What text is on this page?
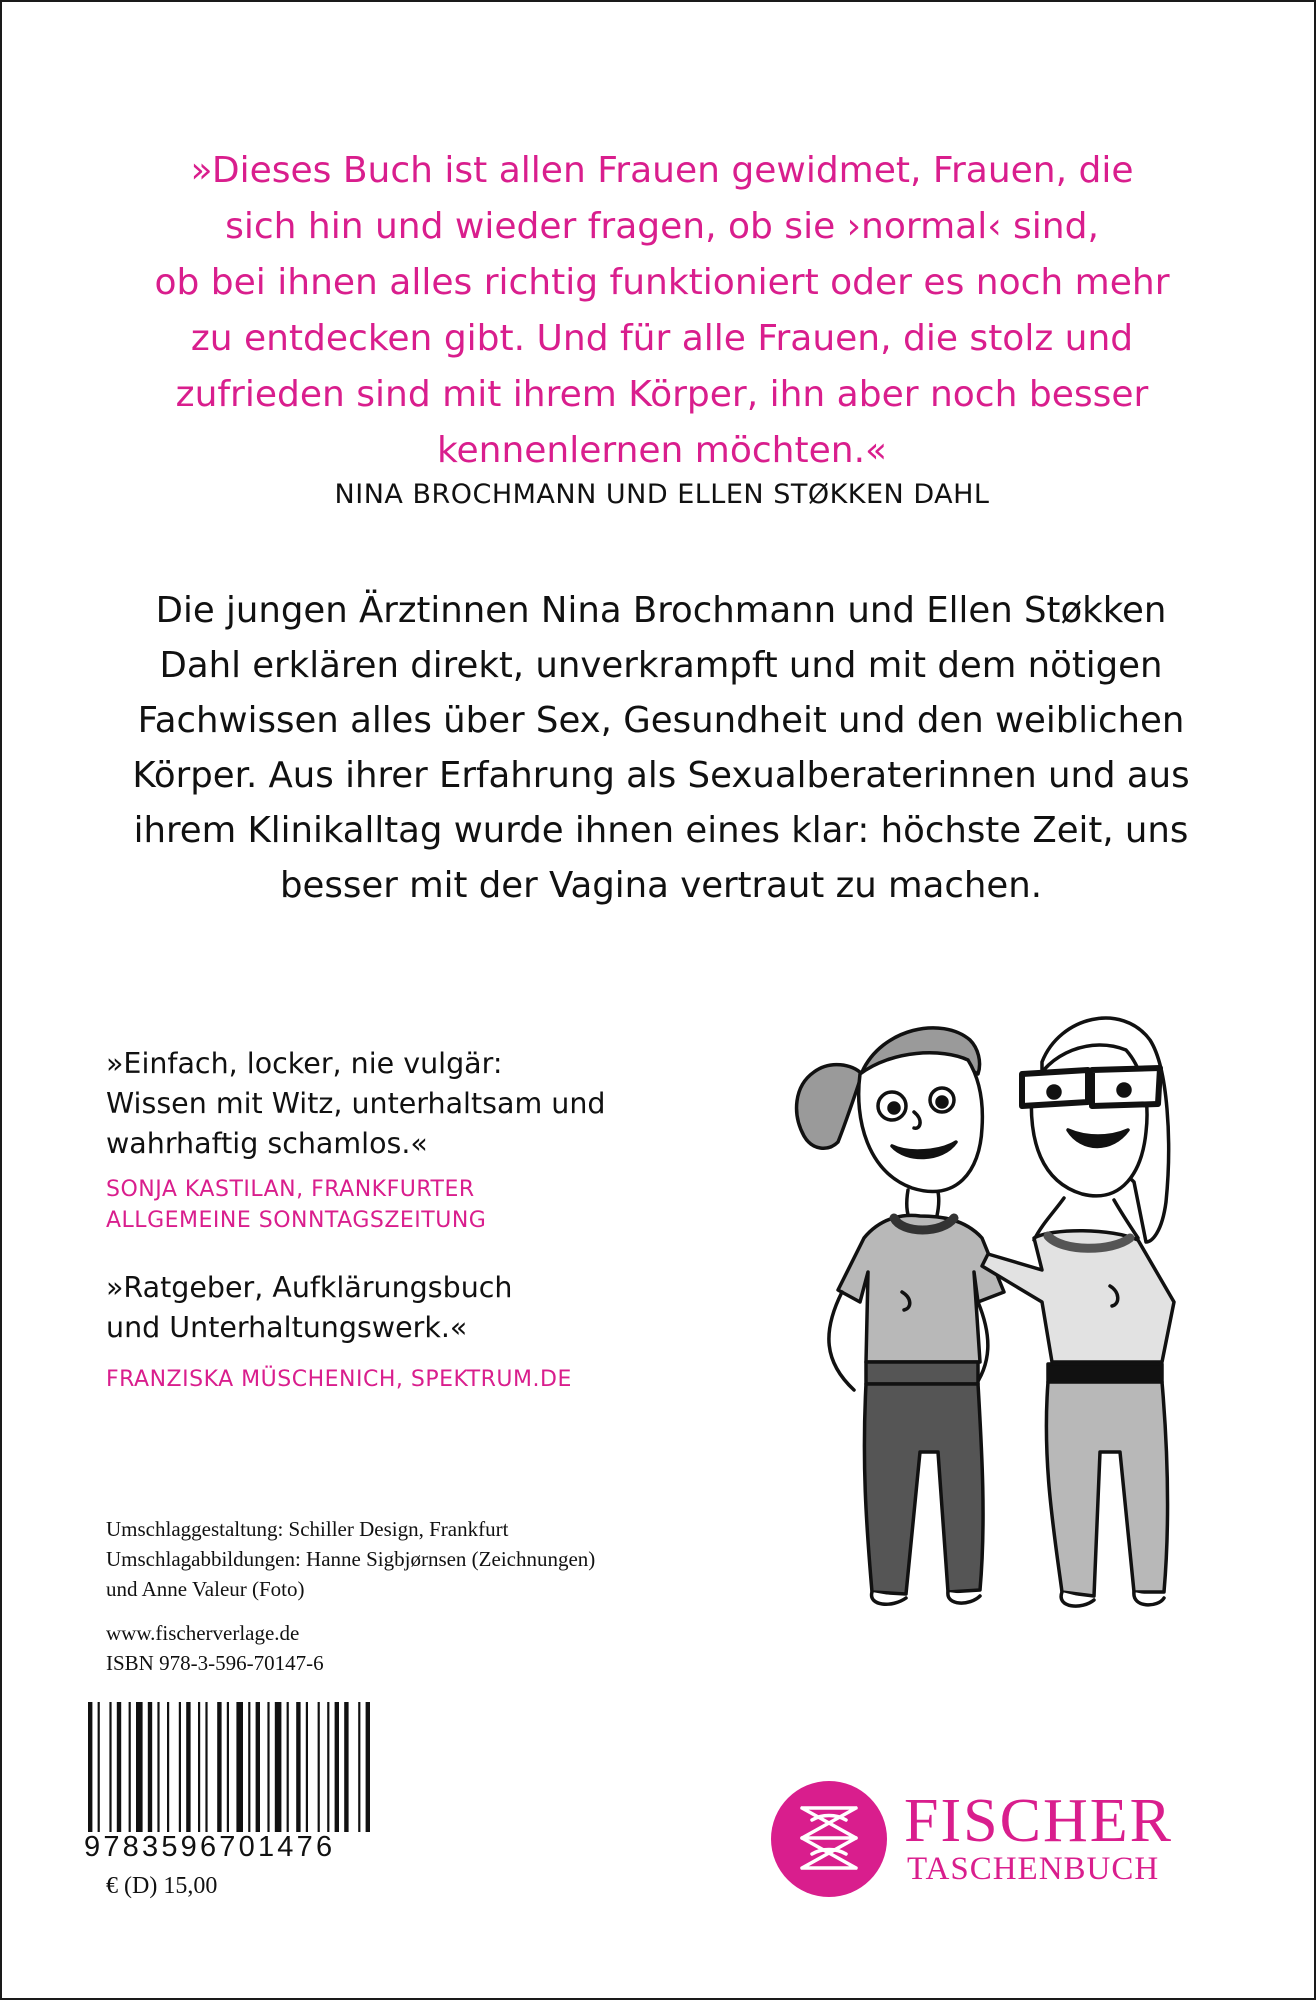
»Dieses Buch ist allen Frauen gewidmet, Frauen, die
sich hin und wieder fragen, ob sie ›normal‹ sind,
ob bei ihnen alles richtig funktioniert oder es noch mehr
zu entdecken gibt. Und für alle Frauen, die stolz und
zufrieden sind mit ihrem Körper, ihn aber noch besser
kennenlernen möchten.«
NINA BROCHMANN UND ELLEN STØKKEN DAHL
Die jungen Ärztinnen Nina Brochmann und Ellen Støkken
Dahl erklären direkt, unverkrampft und mit dem nötigen
Fachwissen alles über Sex, Gesundheit und den weiblichen
Körper. Aus ihrer Erfahrung als Sexualberaterinnen und aus
ihrem Klinikalltag wurde ihnen eines klar: höchste Zeit, uns
besser mit der Vagina vertraut zu machen.
»Einfach, locker, nie vulgär:
Wissen mit Witz, unterhaltsam und
wahrhaftig schamlos.«
SONJA KASTILAN, FRANKFURTER
ALLGEMEINE SONNTAGSZEITUNG
»Ratgeber, Aufklärungsbuch
und Unterhaltungswerk.«
FRANZISKA MÜSCHENICH, SPEKTRUM.DE
Umschlaggestaltung: Schiller Design, Frankfurt
Umschlagabbildungen: Hanne Sigbjørnsen (Zeichnungen)
und Anne Valeur (Foto)
www.fischerverlage.de
ISBN 978-3-596-70147-6
9783596701476
€ (D) 15,00
FISCHER
TASCHENBUCH
